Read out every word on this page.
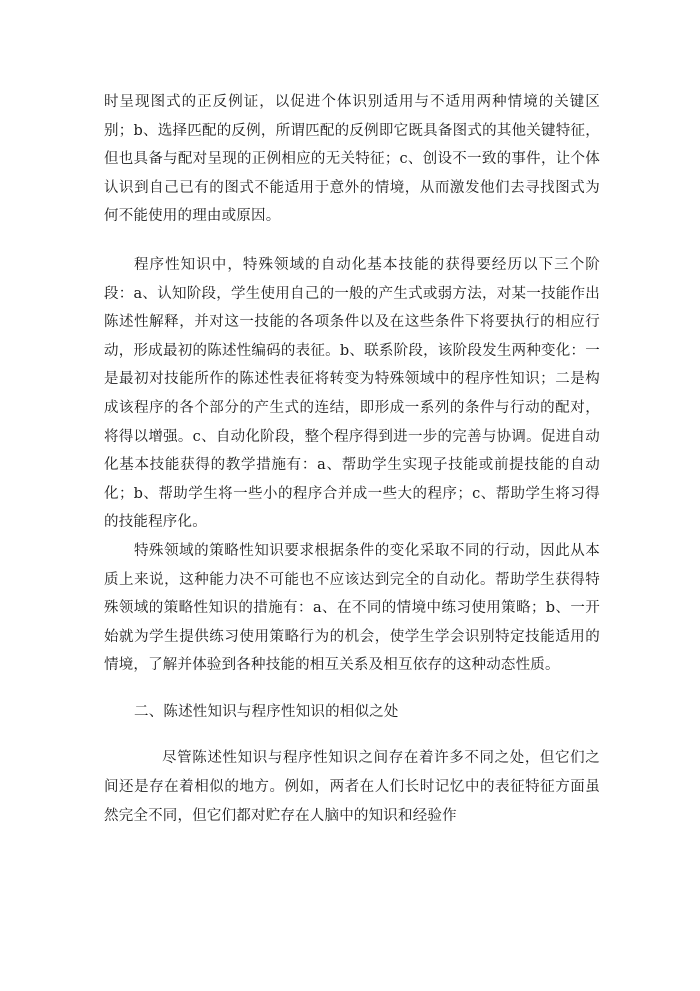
时呈现图式的正反例证，以促进个体识别适用与不适用两种情境的关键区别；b、选择匹配的反例，所谓匹配的反例即它既具备图式的其他关键特征，但也具备与配对呈现的正例相应的无关特征；c、创设不一致的事件，让个体认识到自己已有的图式不能适用于意外的情境，从而激发他们去寻找图式为何不能使用的理由或原因。

程序性知识中，特殊领域的自动化基本技能的获得要经历以下三个阶段：a、认知阶段，学生使用自己的一般的产生式或弱方法，对某一技能作出陈述性解释，并对这一技能的各项条件以及在这些条件下将要执行的相应行动，形成最初的陈述性编码的表征。b、联系阶段，该阶段发生两种变化：一是最初对技能所作的陈述性表征将转变为特殊领域中的程序性知识；二是构成该程序的各个部分的产生式的连结，即形成一系列的条件与行动的配对，将得以增强。c、自动化阶段，整个程序得到进一步的完善与协调。促进自动化基本技能获得的教学措施有：a、帮助学生实现子技能或前提技能的自动化；b、帮助学生将一些小的程序合并成一些大的程序；c、帮助学生将习得的技能程序化。

特殊领域的策略性知识要求根据条件的变化采取不同的行动，因此从本质上来说，这种能力决不可能也不应该达到完全的自动化。帮助学生获得特殊领域的策略性知识的措施有：a、在不同的情境中练习使用策略；b、一开始就为学生提供练习使用策略行为的机会，使学生学会识别特定技能适用的情境，了解并体验到各种技能的相互关系及相互依存的这种动态性质。

二、陈述性知识与程序性知识的相似之处

尽管陈述性知识与程序性知识之间存在着许多不同之处，但它们之间还是存在着相似的地方。例如，两者在人们长时记忆中的表征特征方面虽然完全不同，但它们都对贮存在人脑中的知识和经验作
